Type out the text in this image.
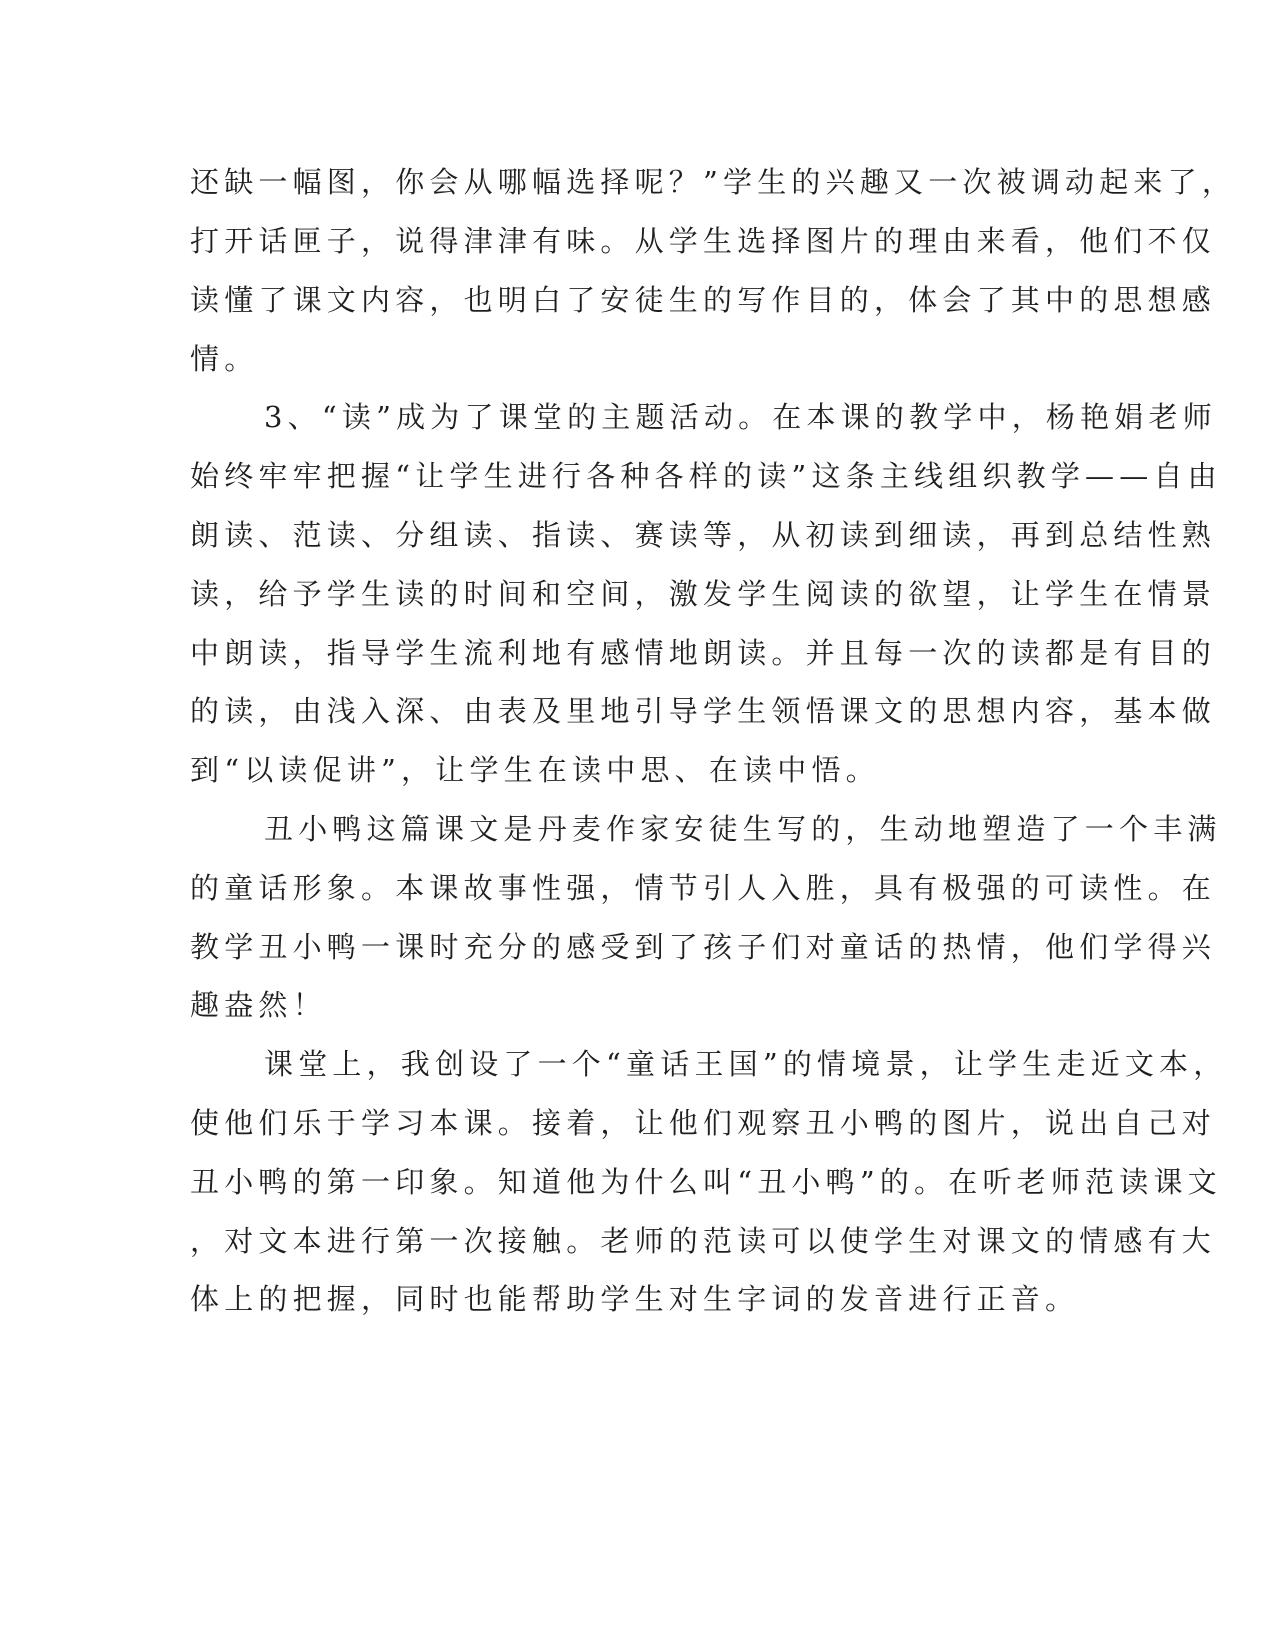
还缺一幅图，你会从哪幅选择呢？”学生的兴趣又一次被调动起来了，

打开话匣子，说得津津有味。从学生选择图片的理由来看，他们不仅

读懂了课文内容，也明白了安徒生的写作目的，体会了其中的思想感

情。

3、“读”成为了课堂的主题活动。在本课的教学中，杨艳娟老师

始终牢牢把握“让学生进行各种各样的读”这条主线组织教学——自由

朗读、范读、分组读、指读、赛读等，从初读到细读，再到总结性熟

读，给予学生读的时间和空间，激发学生阅读的欲望，让学生在情景

中朗读，指导学生流利地有感情地朗读。并且每一次的读都是有目的

的读，由浅入深、由表及里地引导学生领悟课文的思想内容，基本做

到“以读促讲”，让学生在读中思、在读中悟。

丑小鸭这篇课文是丹麦作家安徒生写的，生动地塑造了一个丰满

的童话形象。本课故事性强，情节引人入胜，具有极强的可读性。在

教学丑小鸭一课时充分的感受到了孩子们对童话的热情，他们学得兴

趣盎然！

课堂上，我创设了一个“童话王国”的情境景，让学生走近文本，

使他们乐于学习本课。接着，让他们观察丑小鸭的图片，说出自己对

丑小鸭的第一印象。知道他为什么叫“丑小鸭”的。在听老师范读课文

，对文本进行第一次接触。老师的范读可以使学生对课文的情感有大

体上的把握，同时也能帮助学生对生字词的发音进行正音。
